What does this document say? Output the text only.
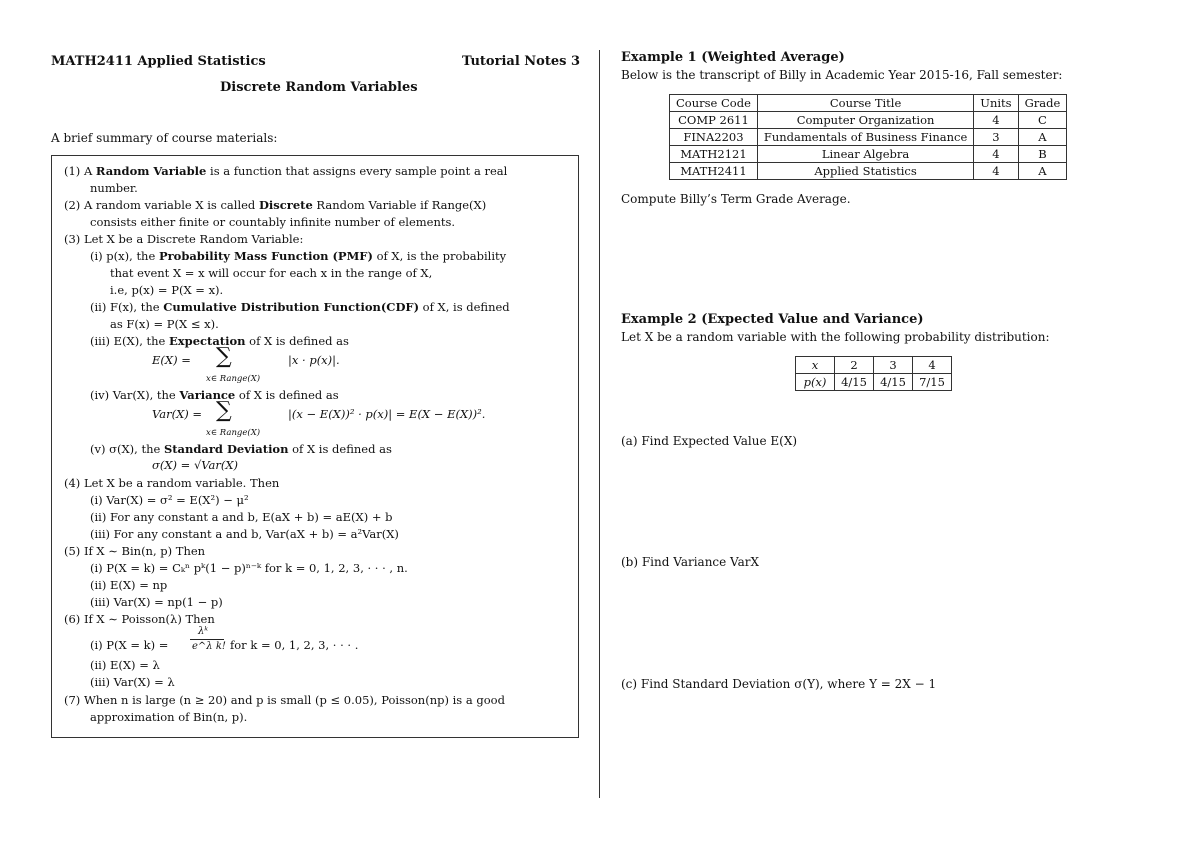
MATH2411 Applied Statistics	Tutorial Notes 3
Discrete Random Variables
A brief summary of course materials:
(1) A Random Variable is a function that assigns every sample point a real
number.
(2) A random variable X is called Discrete Random Variable if Range(X)
consists either finite or countably infinite number of elements.
(3) Let X be a Discrete Random Variable:
(i) p(x), the Probability Mass Function (PMF) of X, is the probability
that event X = x will occur for each x in the range of X,
i.e, p(x) = P(X = x).
(ii) F(x), the Cumulative Distribution Function(CDF) of X, is defined
as F(x) = P(X ≤ x).
(iii) E(X), the Expectation of X is defined as
E(X) = ∑
x∈ Range(X)
|x · p(x)|.
(iv) Var(X), the Variance of X is defined as
Var(X) = ∑
x∈ Range(X)
|(x − E(X))² · p(x)| = E(X − E(X))².
(v) σ(X), the Standard Deviation of X is defined as
σ(X) = √Var(X)
(4) Let X be a random variable. Then
(i) Var(X) = σ² = E(X²) − μ²
(ii) For any constant a and b, E(aX + b) = aE(X) + b
(iii) For any constant a and b, Var(aX + b) = a²Var(X)
(5) If X ∼ Bin(n, p) Then
(i) P(X = k) = Cₖⁿ pᵏ(1 − p)ⁿ⁻ᵏ for k = 0, 1, 2, 3, · · · , n.
(ii) E(X) = np
(iii) Var(X) = np(1 − p)
(6) If X ∼ Poisson(λ) Then
(i) P(X = k) =
λᵏ
e^λ k! for k = 0, 1, 2, 3, · · · .
(ii) E(X) = λ
(iii) Var(X) = λ
(7) When n is large (n ≥ 20) and p is small (p ≤ 0.05), Poisson(np) is a good
approximation of Bin(n, p).
Example 1 (Weighted Average)
Below is the transcript of Billy in Academic Year 2015-16, Fall semester:
Course Code	Course Title	Units	Grade
COMP 2611	Computer Organization	4	C
FINA2203	Fundamentals of Business Finance	3	A
MATH2121	Linear Algebra	4	B
MATH2411	Applied Statistics	4	A
Compute Billy’s Term Grade Average.
Example 2 (Expected Value and Variance)
Let X be a random variable with the following probability distribution:
x	2	3	4
p(x)	4/15	4/15	7/15
(a) Find Expected Value E(X)
(b) Find Variance VarX
(c) Find Standard Deviation σ(Y), where Y = 2X − 1
